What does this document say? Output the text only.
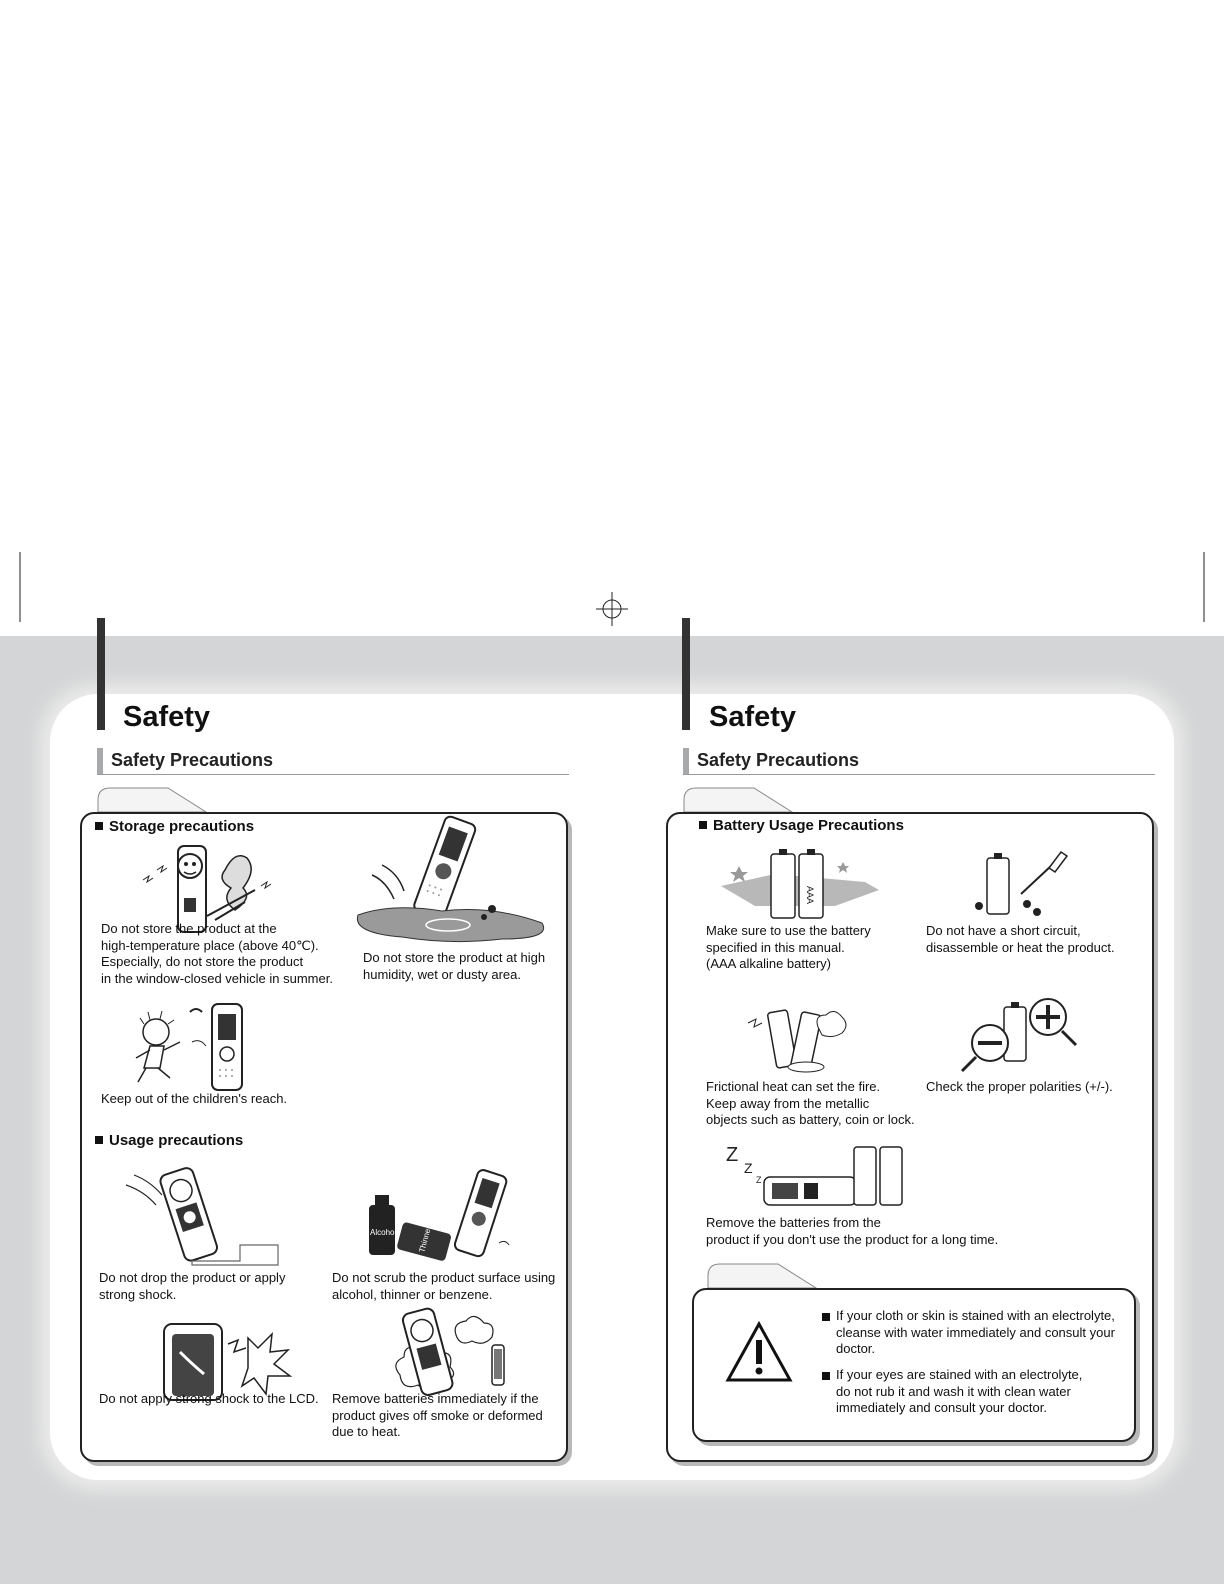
Safety
Safety Precautions
Storage precautions
Do not store the product at the
high-temperature place (above 40℃).
Especially, do not store the product
in the window-closed vehicle in summer.
Do not store the product at high
humidity, wet or dusty area.
Keep out of the children's reach.
Usage precautions
Do not drop the product or apply
strong shock.
Alcohol	Thinner
Do not scrub the product surface using
alcohol, thinner or benzene.
Do not apply strong shock to the LCD.	Remove batteries immediately if the
product gives off smoke or deformed
due to heat.
Safety
Safety Precautions
Battery Usage Precautions
AAA
Make sure to use the battery
specified in this manual.
(AAA alkaline battery)
Do not have a short circuit,
disassemble or heat the product.
Frictional heat can set the fire.
Keep away from the metallic
objects such as battery, coin or lock.
Check the proper polarities (+/-).
Z
Z
Z
Remove the batteries from the
product if you don't use the product for a long time.
If your cloth or skin is stained with an electrolyte,
cleanse with water immediately and consult your
doctor.
If your eyes are stained with an electrolyte,
do not rub it and wash it with clean water
immediately and consult your doctor.
